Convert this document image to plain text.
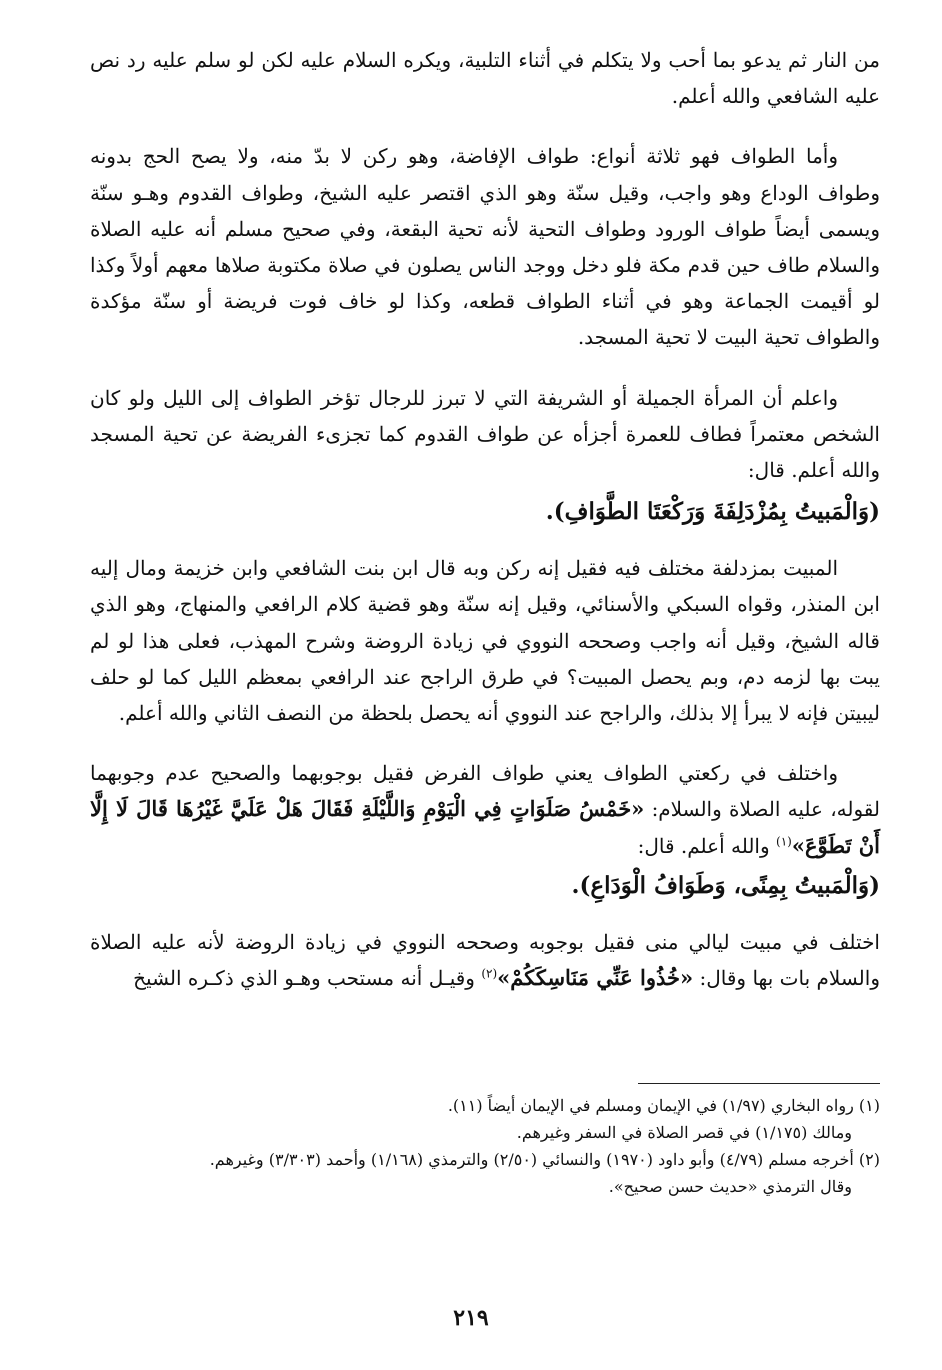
من النار ثم يدعو بما أحب ولا يتكلم في أثناء التلبية، ويكره السلام عليه لكن لو سلم عليه رد نص عليه الشافعي والله أعلم.

وأما الطواف فهو ثلاثة أنواع: طواف الإفاضة، وهو ركن لا بدّ منه، ولا يصح الحج بدونه وطواف الوداع وهو واجب، وقيل سنّة وهو الذي اقتصر عليه الشيخ، وطواف القدوم وهـو سنّة ويسمى أيضاً طواف الورود وطواف التحية لأنه تحية البقعة، وفي صحيح مسلم أنه عليه الصلاة والسلام طاف حين قدم مكة فلو دخل ووجد الناس يصلون في صلاة مكتوبة صلاها معهم أولاً وكذا لو أقيمت الجماعة وهو في أثناء الطواف قطعه، وكذا لو خاف فوت فريضة أو سنّة مؤكدة والطواف تحية البيت لا تحية المسجد.

واعلم أن المرأة الجميلة أو الشريفة التي لا تبرز للرجال تؤخر الطواف إلى الليل ولو كان الشخص معتمراً فطاف للعمرة أجزأه عن طواف القدوم كما تجزىء الفريضة عن تحية المسجد والله أعلم. قال:

(وَالْمَبيتُ بِمُزْدَلِفَةَ وَرَكْعَتَا الطَّوَافِ).

المبيت بمزدلفة مختلف فيه فقيل إنه ركن وبه قال ابن بنت الشافعي وابن خزيمة ومال إليه ابن المنذر، وقواه السبكي والأسنائي، وقيل إنه سنّة وهو قضية كلام الرافعي والمنهاج، وهو الذي قاله الشيخ، وقيل أنه واجب وصححه النووي في زيادة الروضة وشرح المهذب، فعلى هذا لو لم يبت بها لزمه دم، وبم يحصل المبيت؟ في طرق الراجح عند الرافعي بمعظم الليل كما لو حلف ليبيتن فإنه لا يبرأ إلا بذلك، والراجح عند النووي أنه يحصل بلحظة من النصف الثاني والله أعلم.

واختلف في ركعتي الطواف يعني طواف الفرض فقيل بوجوبهما والصحيح عدم وجوبهما لقوله، عليه الصلاة والسلام: «خَمْسُ صَلَوَاتٍ فِي الْيَوْمِ وَاللَّيْلَةِ فَقَالَ هَلْ عَلَيَّ غَيْرُهَا قَالَ لَا إِلَّا أَنْ تَطَوَّعَ»$^{(١)}$ والله أعلم. قال:

(وَالْمَبيتُ بِمِنًى، وَطَوَافُ الْوَدَاعِ).

اختلف في مبيت ليالي منى فقيل بوجوبه وصححه النووي في زيادة الروضة لأنه عليه الصلاة والسلام بات بها وقال: «خُذُوا عَنِّي مَنَاسِكَكُمْ»$^{(٢)}$ وقيـل أنه مستحب وهـو الذي ذكـره الشيخ

(١) رواه البخاري (١/٩٧) في الإيمان ومسلم في الإيمان أيضاً (١١).
ومالك (١/١٧٥) في قصر الصلاة في السفر وغيرهم.
(٢) أخرجه مسلم (٤/٧٩) وأبو داود (١٩٧٠) والنسائي (٢/٥٠) والترمذي (١/١٦٨) وأحمد (٣/٣٠٣) وغيرهم.
وقال الترمذي «حديث حسن صحيح».
٢١٩
